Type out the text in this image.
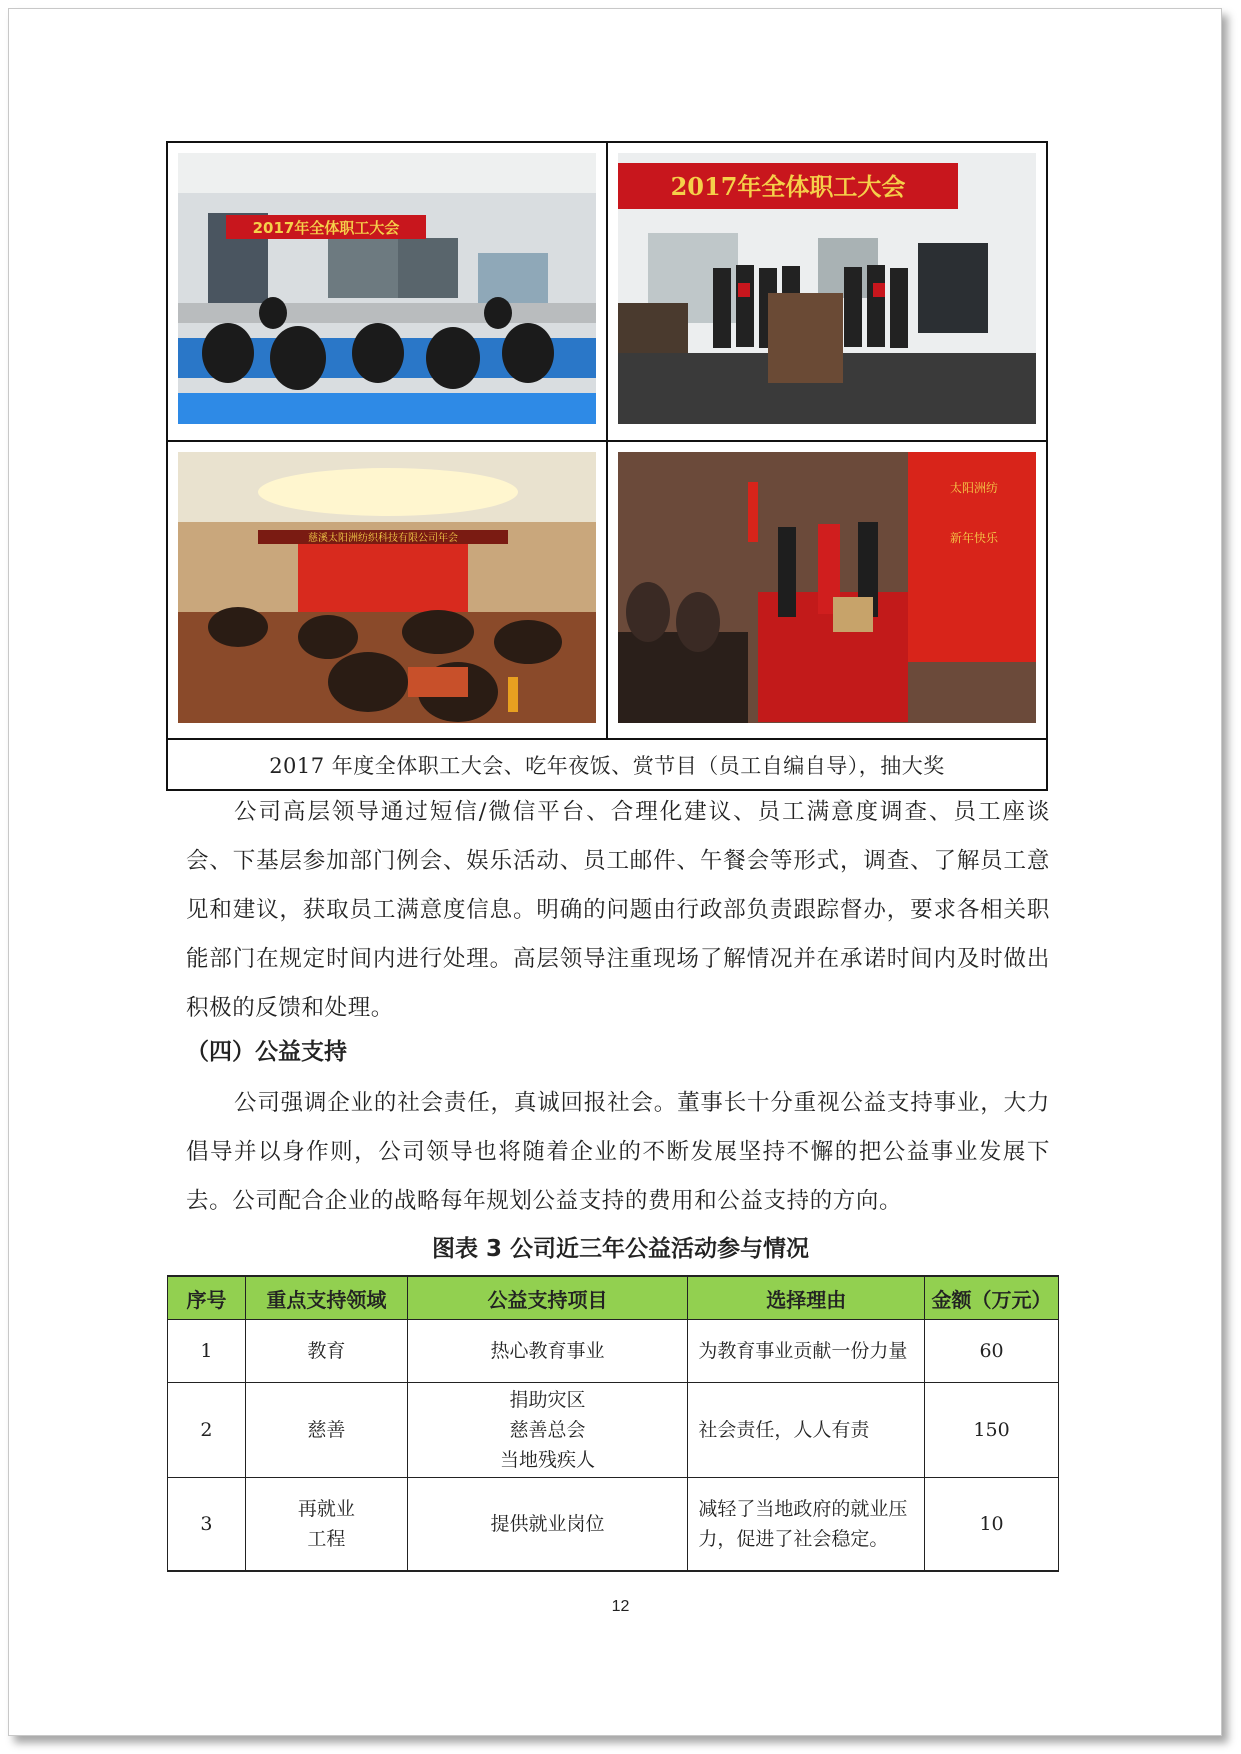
2017年全体职工大会	2017年全体职工大会

慈溪太阳洲纺织科技有限公司年会	太阳洲纺
新年快乐

2017 年度全体职工大会、吃年夜饭、赏节目（员工自编自导），抽大奖	

公司高层领导通过短信/微信平台、合理化建议、员工满意度调查、员工座谈会、下基层参加部门例会、娱乐活动、员工邮件、午餐会等形式，调查、了解员工意见和建议，获取员工满意度信息。明确的问题由行政部负责跟踪督办，要求各相关职能部门在规定时间内进行处理。高层领导注重现场了解情况并在承诺时间内及时做出积极的反馈和处理。

（四）公益支持

公司强调企业的社会责任，真诚回报社会。董事长十分重视公益支持事业，大力倡导并以身作则，公司领导也将随着企业的不断发展坚持不懈的把公益事业发展下去。公司配合企业的战略每年规划公益支持的费用和公益支持的方向。

图表 3 公司近三年公益活动参与情况

序号	重点支持领域	公益支持项目	选择理由	金额（万元）
1	教育	热心教育事业	为教育事业贡献一份力量	60
2	慈善	捐助灾区
慈善总会
当地残疾人	社会责任，人人有责	150
3	再就业
工程	提供就业岗位	减轻了当地政府的就业压力，促进了社会稳定。	10
12
